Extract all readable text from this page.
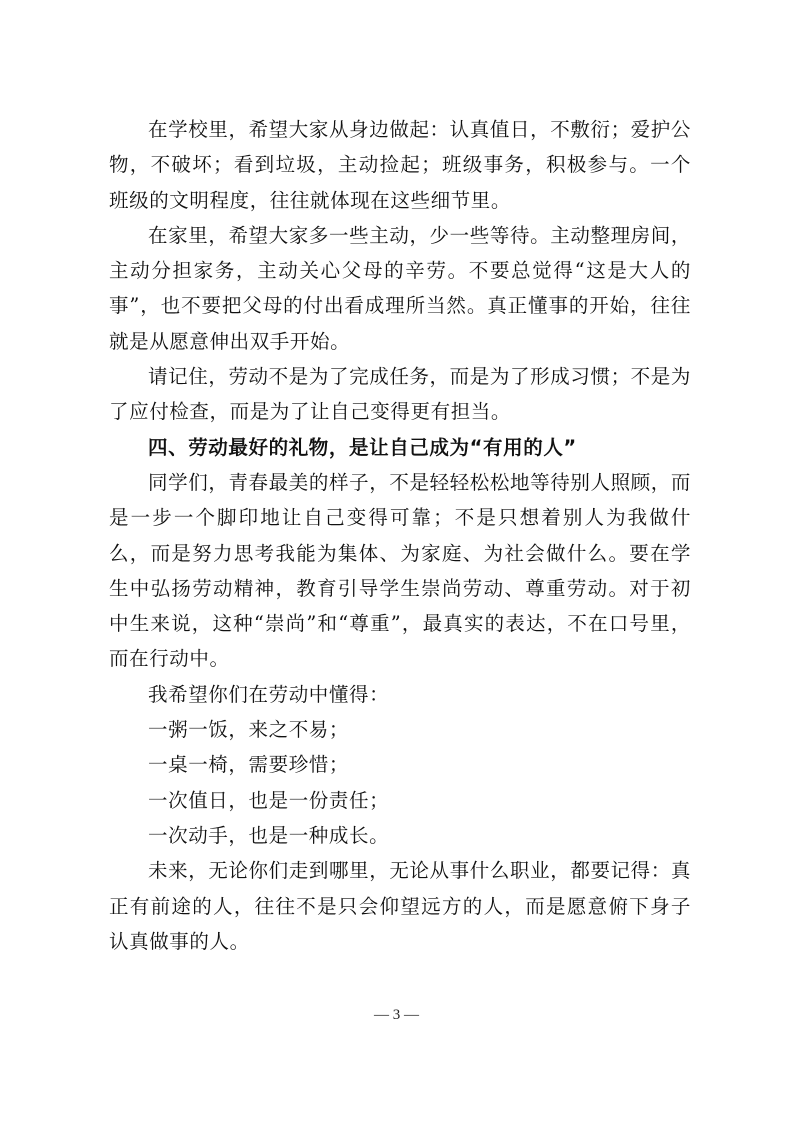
在学校里，希望大家从身边做起：认真值日，不敷衍；爱护公物，不破坏；看到垃圾，主动捡起；班级事务，积极参与。一个班级的文明程度，往往就体现在这些细节里。

在家里，希望大家多一些主动，少一些等待。主动整理房间，主动分担家务，主动关心父母的辛劳。不要总觉得“这是大人的事”，也不要把父母的付出看成理所当然。真正懂事的开始，往往就是从愿意伸出双手开始。

请记住，劳动不是为了完成任务，而是为了形成习惯；不是为了应付检查，而是为了让自己变得更有担当。

四、劳动最好的礼物，是让自己成为“有用的人”

同学们，青春最美的样子，不是轻轻松松地等待别人照顾，而是一步一个脚印地让自己变得可靠；不是只想着别人为我做什么，而是努力思考我能为集体、为家庭、为社会做什么。要在学生中弘扬劳动精神，教育引导学生崇尚劳动、尊重劳动。对于初中生来说，这种“崇尚”和“尊重”，最真实的表达，不在口号里，而在行动中。

我希望你们在劳动中懂得：

一粥一饭，来之不易；

一桌一椅，需要珍惜；

一次值日，也是一份责任；

一次动手，也是一种成长。

未来，无论你们走到哪里，无论从事什么职业，都要记得：真正有前途的人，往往不是只会仰望远方的人，而是愿意俯下身子认真做事的人。

— 3 —
